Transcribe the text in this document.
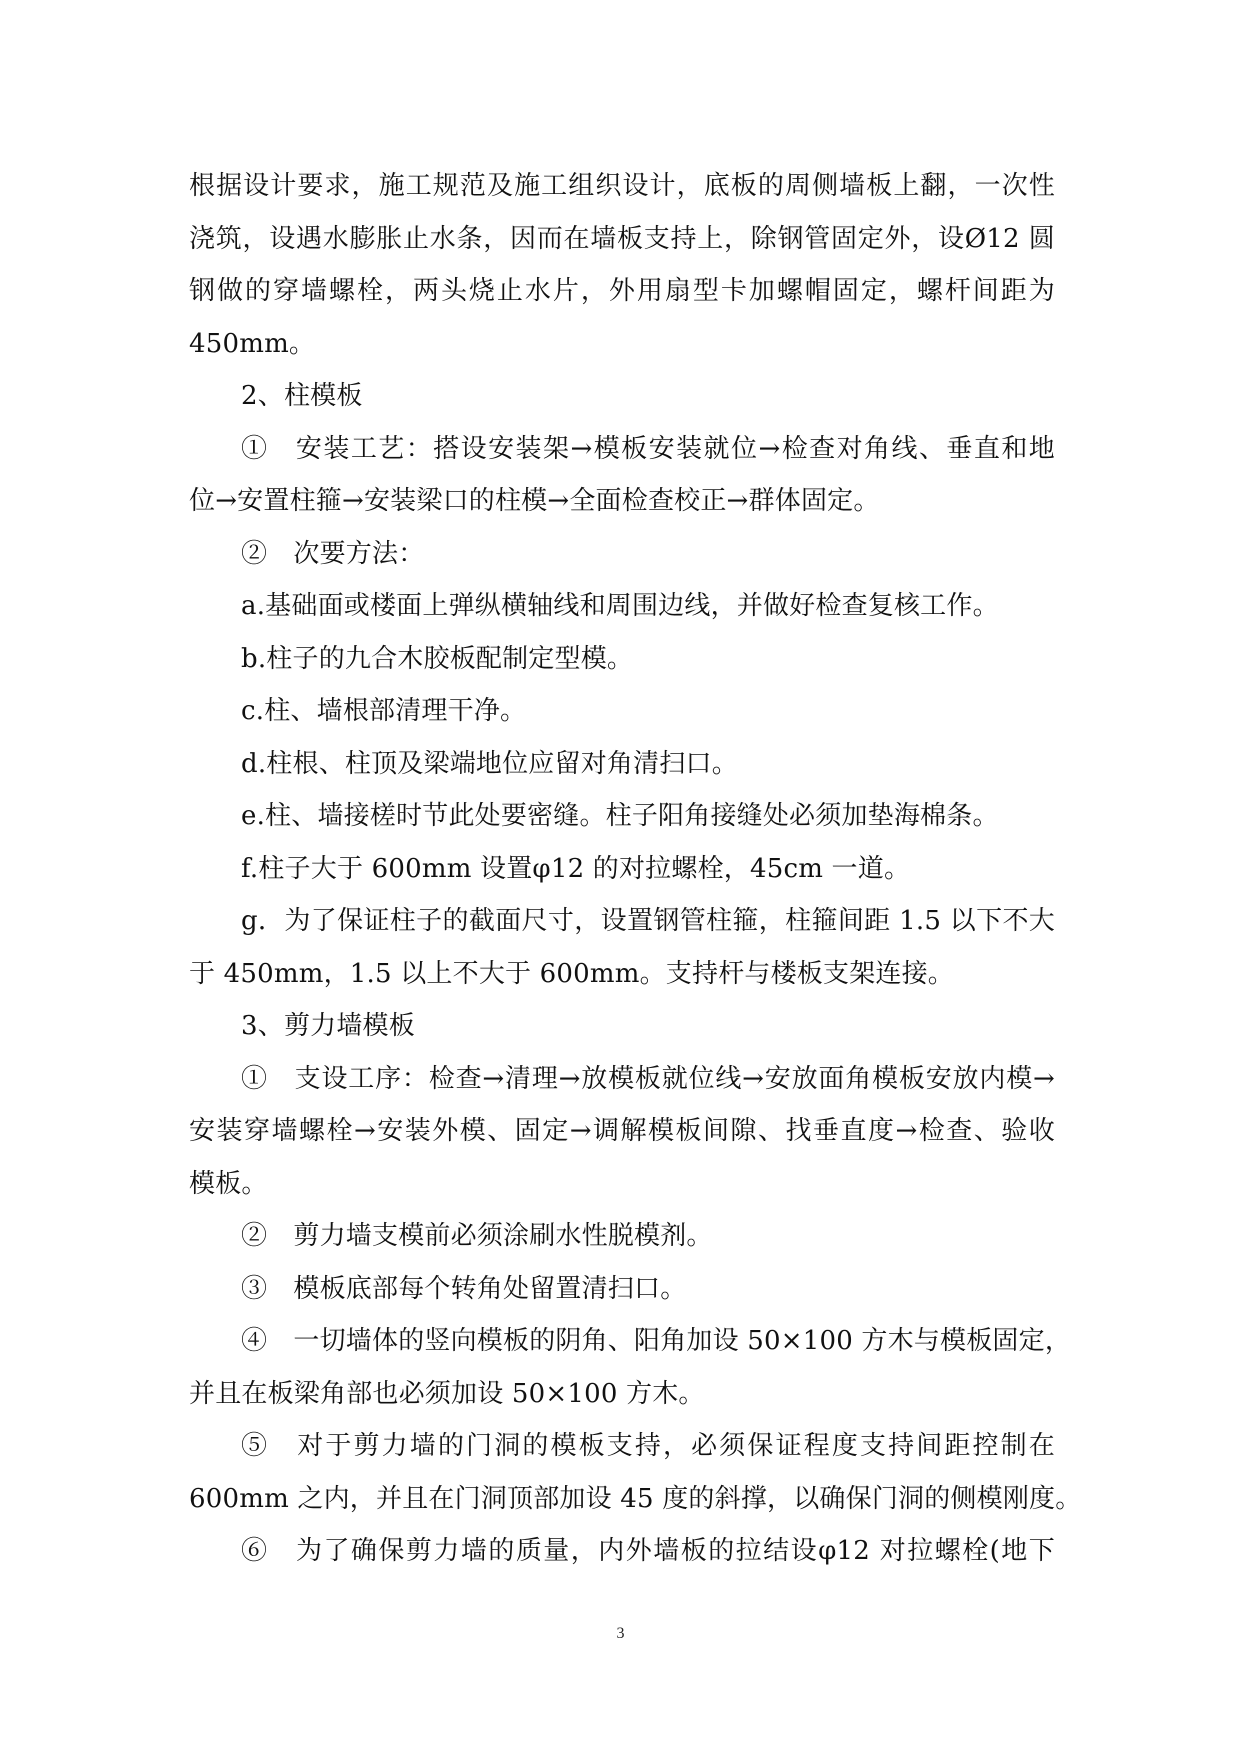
根据设计要求，施工规范及施工组织设计，底板的周侧墙板上翻，一次性
浇筑，设遇水膨胀止水条，因而在墙板支持上，除钢管固定外，设Ø12 圆
钢做的穿墙螺栓，两头烧止水片，外用扇型卡加螺帽固定，螺杆间距为
450mm。
2、柱模板
①　安装工艺：搭设安装架→模板安装就位→检查对角线、垂直和地
位→安置柱箍→安装梁口的柱模→全面检查校正→群体固定。
②　次要方法：
a.基础面或楼面上弹纵横轴线和周围边线，并做好检查复核工作。
b.柱子的九合木胶板配制定型模。
c.柱、墙根部清理干净。
d.柱根、柱顶及梁端地位应留对角清扫口。
e.柱、墙接槎时节此处要密缝。柱子阳角接缝处必须加垫海棉条。
f.柱子大于 600mm 设置φ12 的对拉螺栓，45cm 一道。
g．为了保证柱子的截面尺寸，设置钢管柱箍，柱箍间距 1.5 以下不大
于 450mm，1.5 以上不大于 600mm。支持杆与楼板支架连接。
3、剪力墙模板
①　支设工序：检查→清理→放模板就位线→安放面角模板安放内模→
安装穿墙螺栓→安装外模、固定→调解模板间隙、找垂直度→检查、验收
模板。
②　剪力墙支模前必须涂刷水性脱模剂。
③　模板底部每个转角处留置清扫口。
④　一切墙体的竖向模板的阴角、阳角加设 50×100 方木与模板固定，
并且在板梁角部也必须加设 50×100 方木。
⑤　对于剪力墙的门洞的模板支持，必须保证程度支持间距控制在
600mm 之内，并且在门洞顶部加设 45 度的斜撑，以确保门洞的侧模刚度。
⑥　为了确保剪力墙的质量，内外墙板的拉结设φ12 对拉螺栓(地下
3
